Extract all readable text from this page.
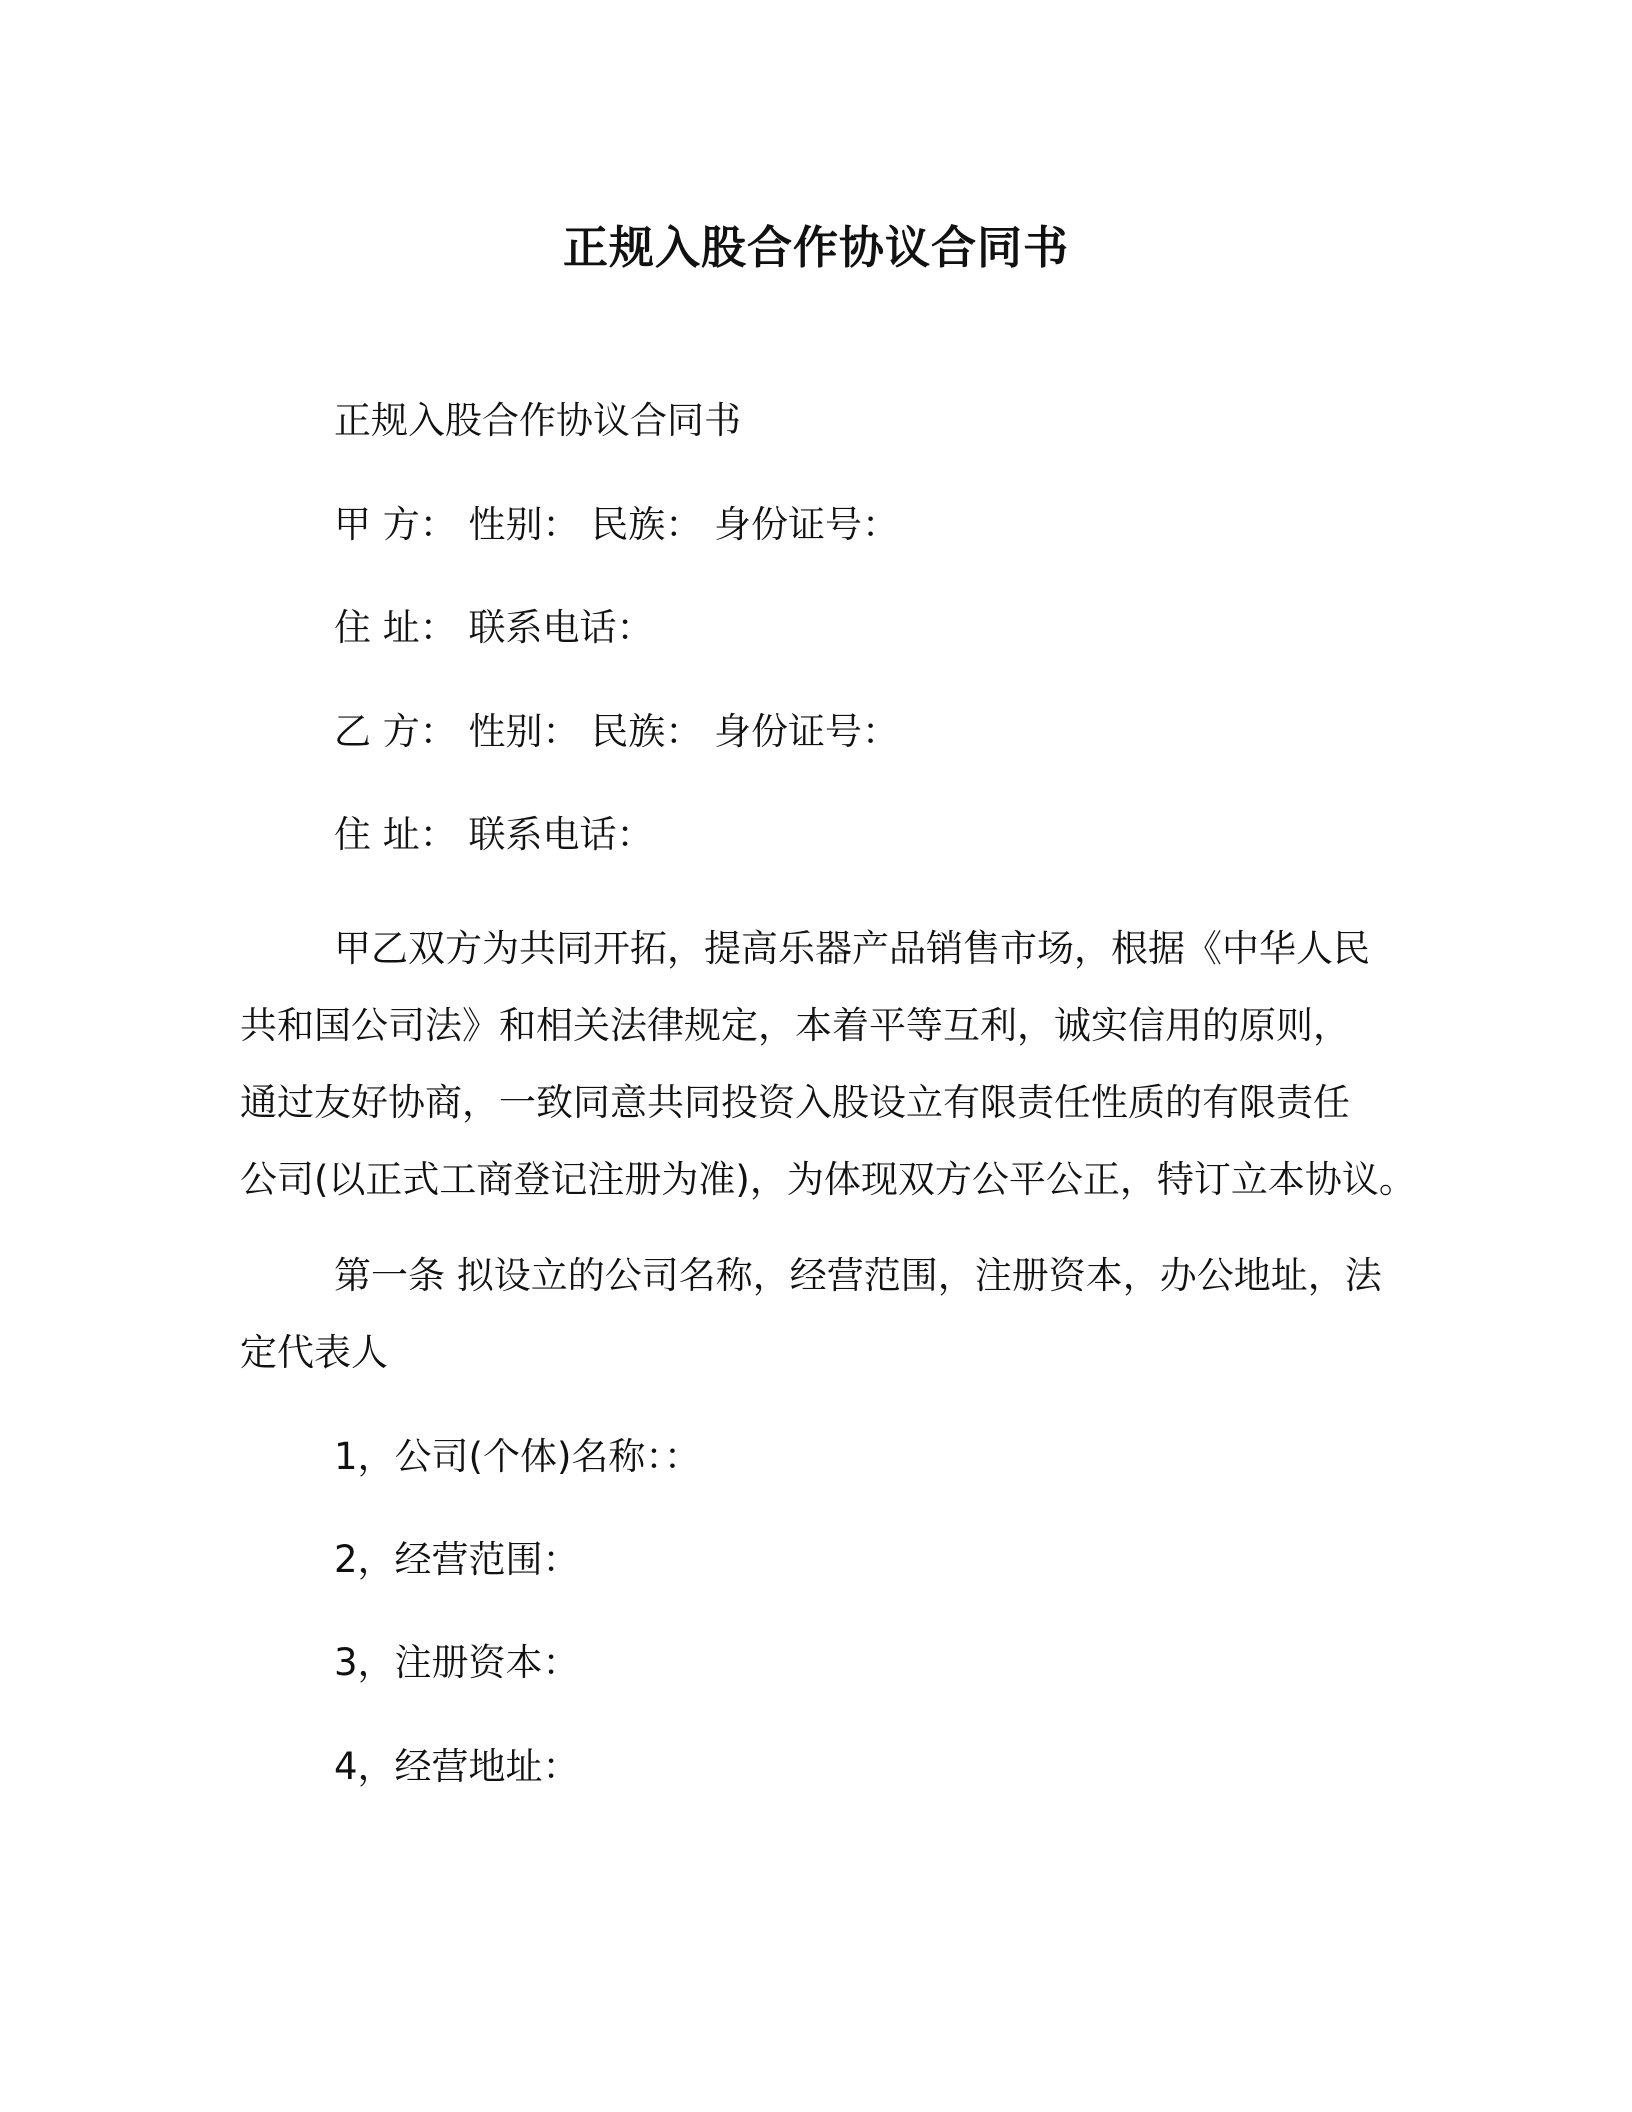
正规入股合作协议合同书
正规入股合作协议合同书
甲 方： 性别： 民族： 身份证号：
住 址： 联系电话：
乙 方： 性别： 民族： 身份证号：
住 址： 联系电话：
甲乙双方为共同开拓，提高乐器产品销售市场，根据《中华人民
共和国公司法》和相关法律规定，本着平等互利，诚实信用的原则，
通过友好协商，一致同意共同投资入股设立有限责任性质的有限责任
公司(以正式工商登记注册为准)，为体现双方公平公正，特订立本协议。
第一条 拟设立的公司名称，经营范围，注册资本，办公地址，法
定代表人
1，公司(个体)名称：：
2，经营范围：
3，注册资本：
4，经营地址：
